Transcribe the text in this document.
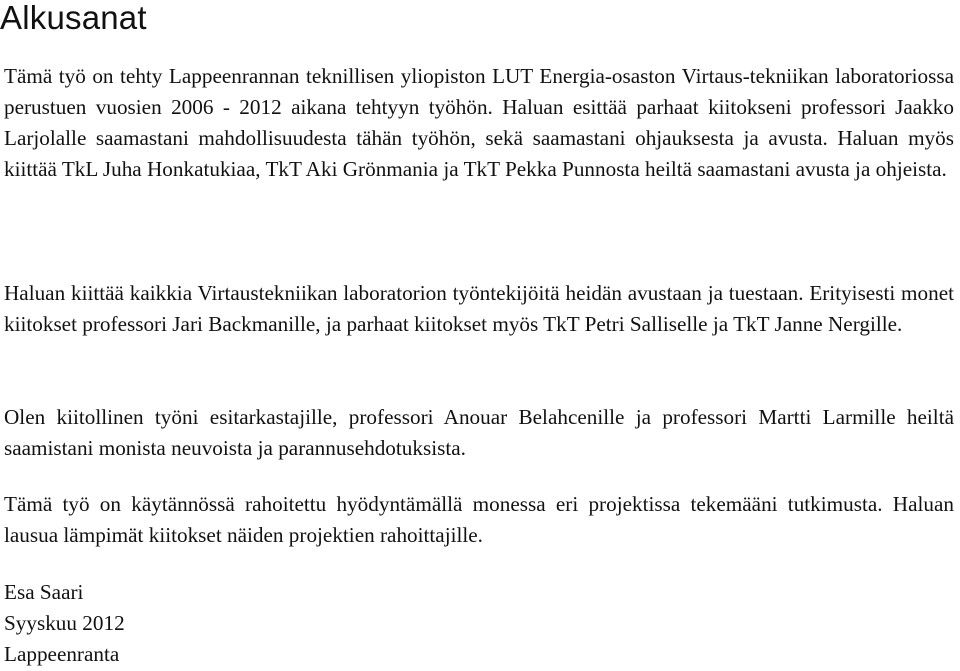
Alkusanat

Tämä työ on tehty Lappeenrannan teknillisen yliopiston LUT Energia-osaston Virtaus-tekniikan laboratoriossa perustuen vuosien 2006 - 2012 aikana tehtyyn työhön. Haluan esittää parhaat kiitokseni professori Jaakko Larjolalle saamastani mahdollisuudesta tähän työhön, sekä saamastani ohjauksesta ja avusta. Haluan myös kiittää TkL Juha Honkatukiaa, TkT Aki Grönmania ja TkT Pekka Punnosta heiltä saamastani avusta ja ohjeista.

Haluan kiittää kaikkia Virtaustekniikan laboratorion työntekijöitä heidän avustaan ja tuestaan. Erityisesti monet kiitokset professori Jari Backmanille, ja parhaat kiitokset myös TkT Petri Salliselle ja TkT Janne Nergille.

Olen kiitollinen työni esitarkastajille, professori Anouar Belahcenille ja professori Martti Larmille heiltä saamistani monista neuvoista ja parannusehdotuksista.

Tämä työ on käytännössä rahoitettu hyödyntämällä monessa eri projektissa tekemääni tutkimusta. Haluan lausua lämpimät kiitokset näiden projektien rahoittajille.

Esa Saari
Syyskuu 2012
Lappeenranta
